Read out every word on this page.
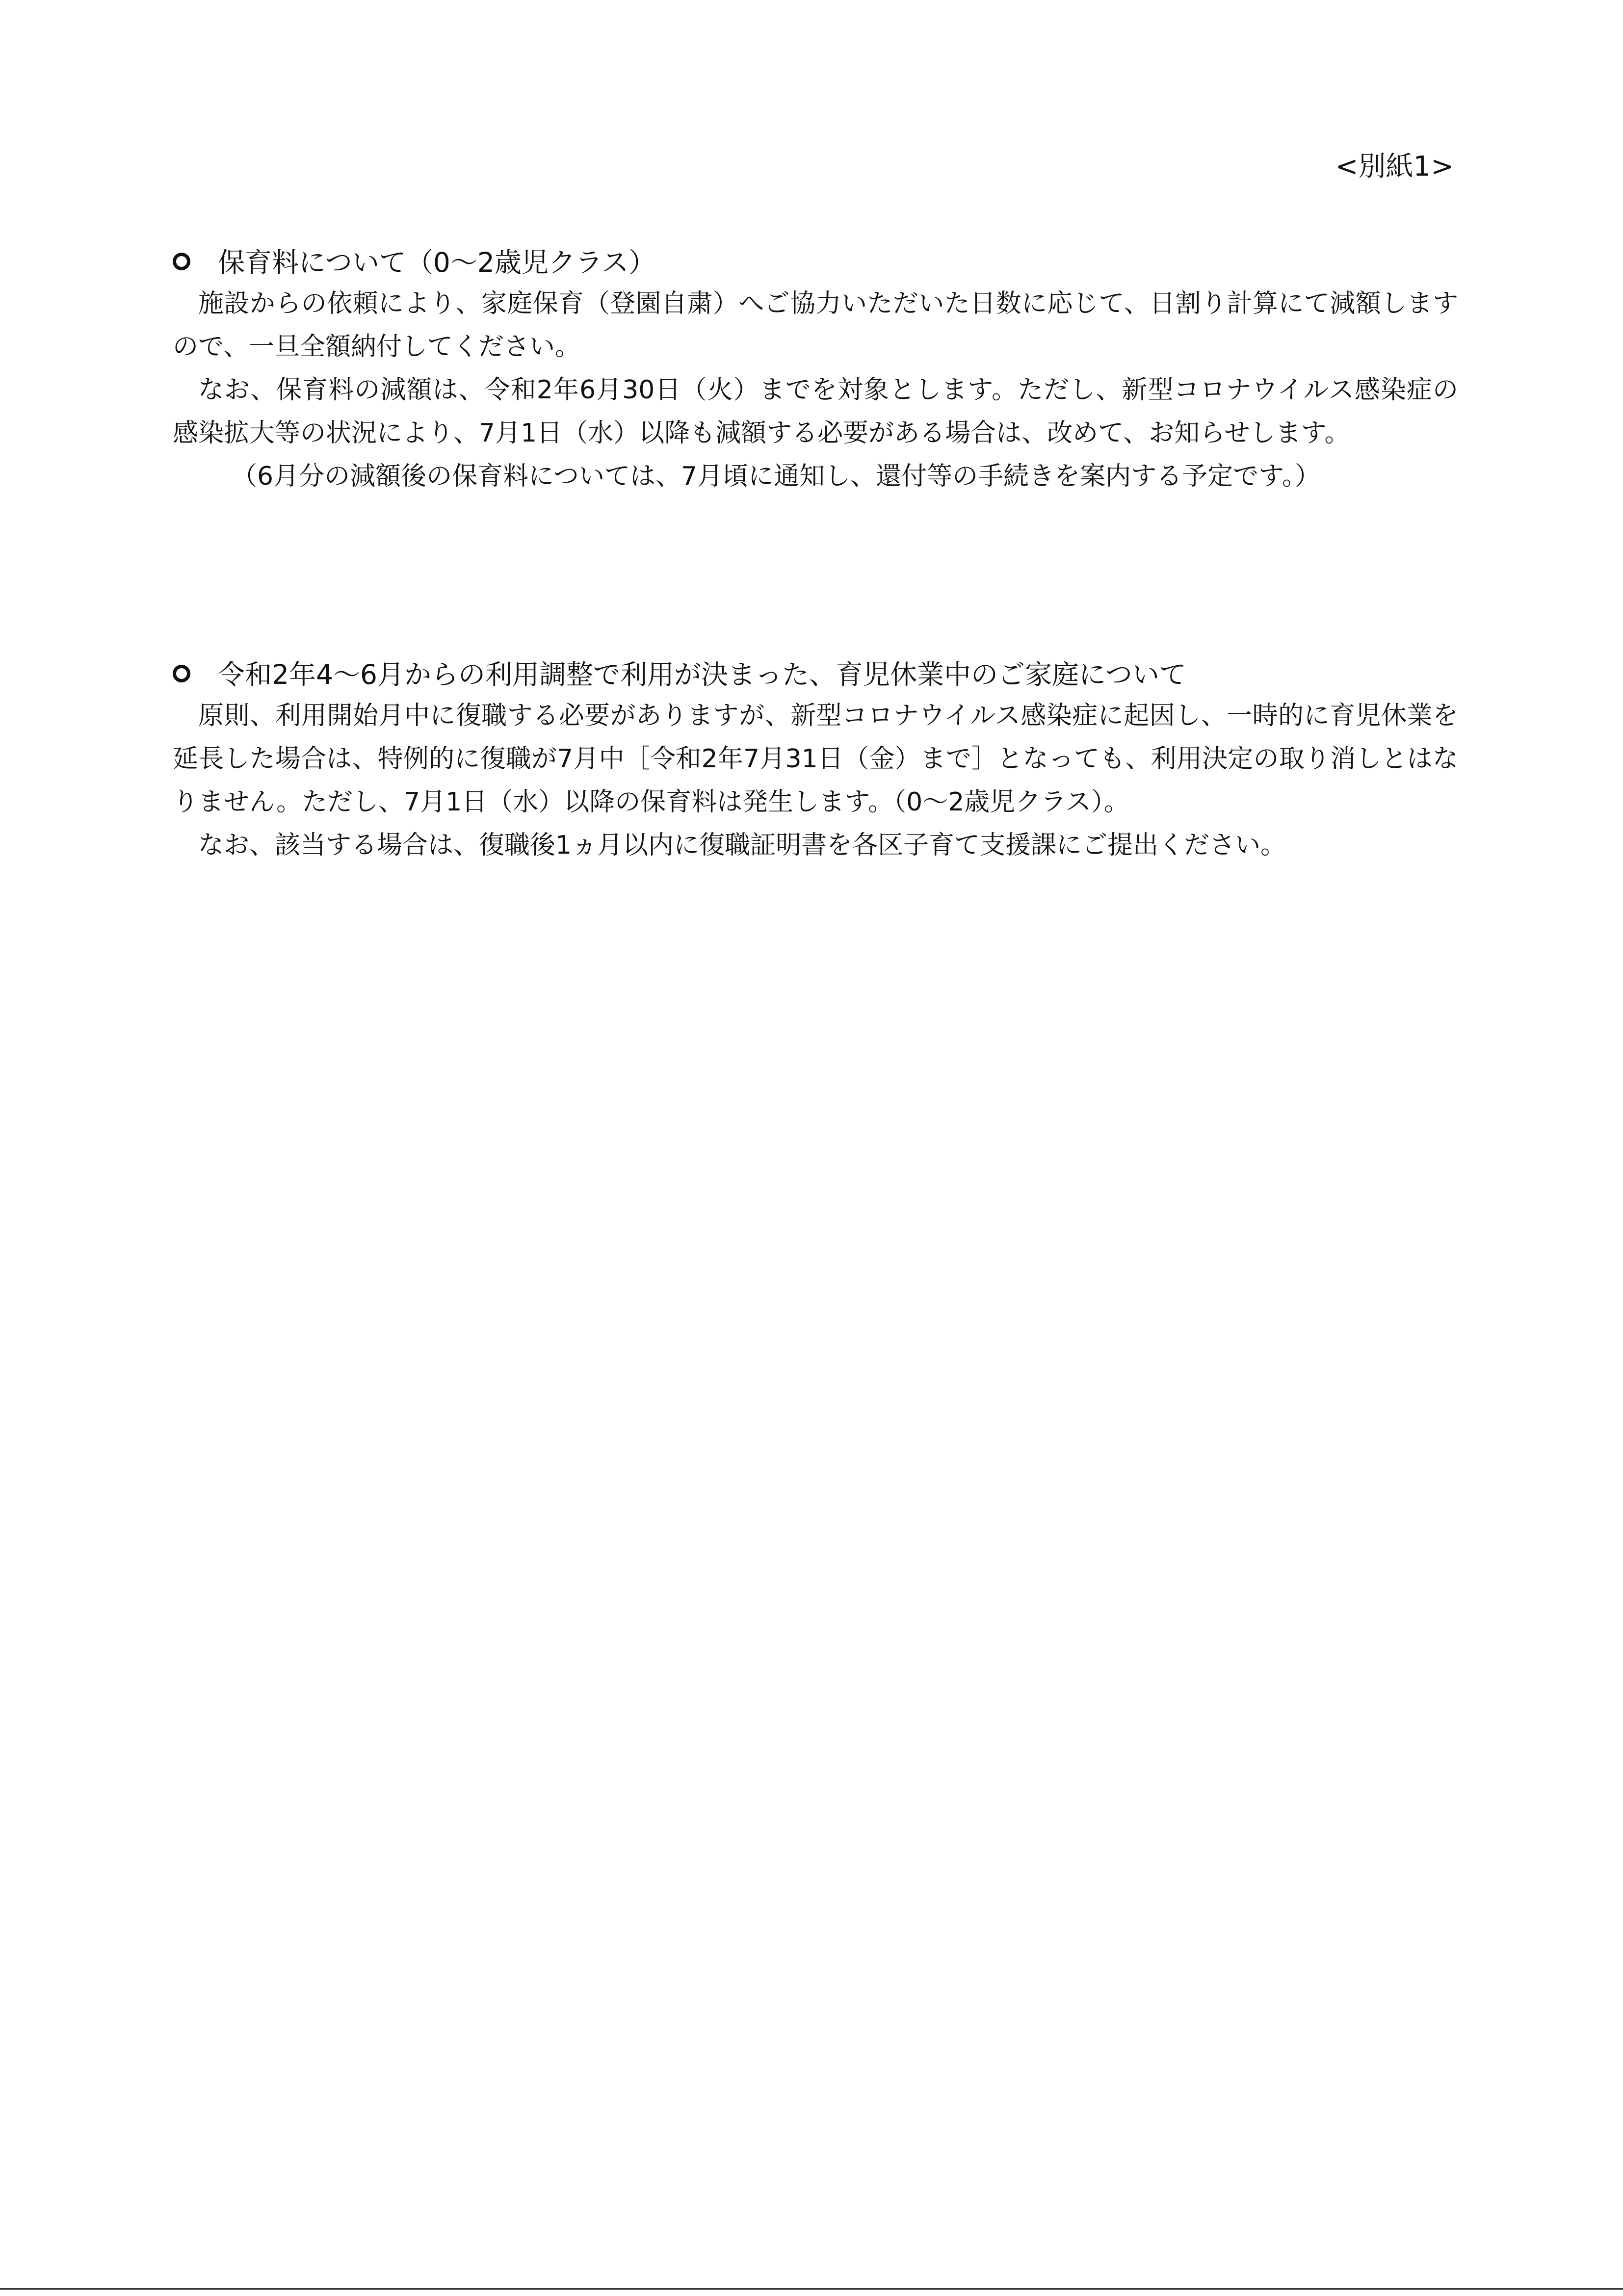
<別紙1>
保育料について（0～2歳児クラス）

施設からの依頼により、家庭保育（登園自粛）へご協力いただいた日数に応じて、日割り計算にて減額しますので、一旦全額納付してください。

なお、保育料の減額は、令和2年6月30日（火）までを対象とします。ただし、新型コロナウイルス感染症の感染拡大等の状況により、7月1日（水）以降も減額する必要がある場合は、改めて、お知らせします。

（6月分の減額後の保育料については、7月頃に通知し、還付等の手続きを案内する予定です。）

令和2年4～6月からの利用調整で利用が決まった、育児休業中のご家庭について

原則、利用開始月中に復職する必要がありますが、新型コロナウイルス感染症に起因し、一時的に育児休業を延長した場合は、特例的に復職が7月中［令和2年7月31日（金）まで］となっても、利用決定の取り消しとはなりません。ただし、7月1日（水）以降の保育料は発生します。（0～2歳児クラス）。

なお、該当する場合は、復職後1ヵ月以内に復職証明書を各区子育て支援課にご提出ください。
